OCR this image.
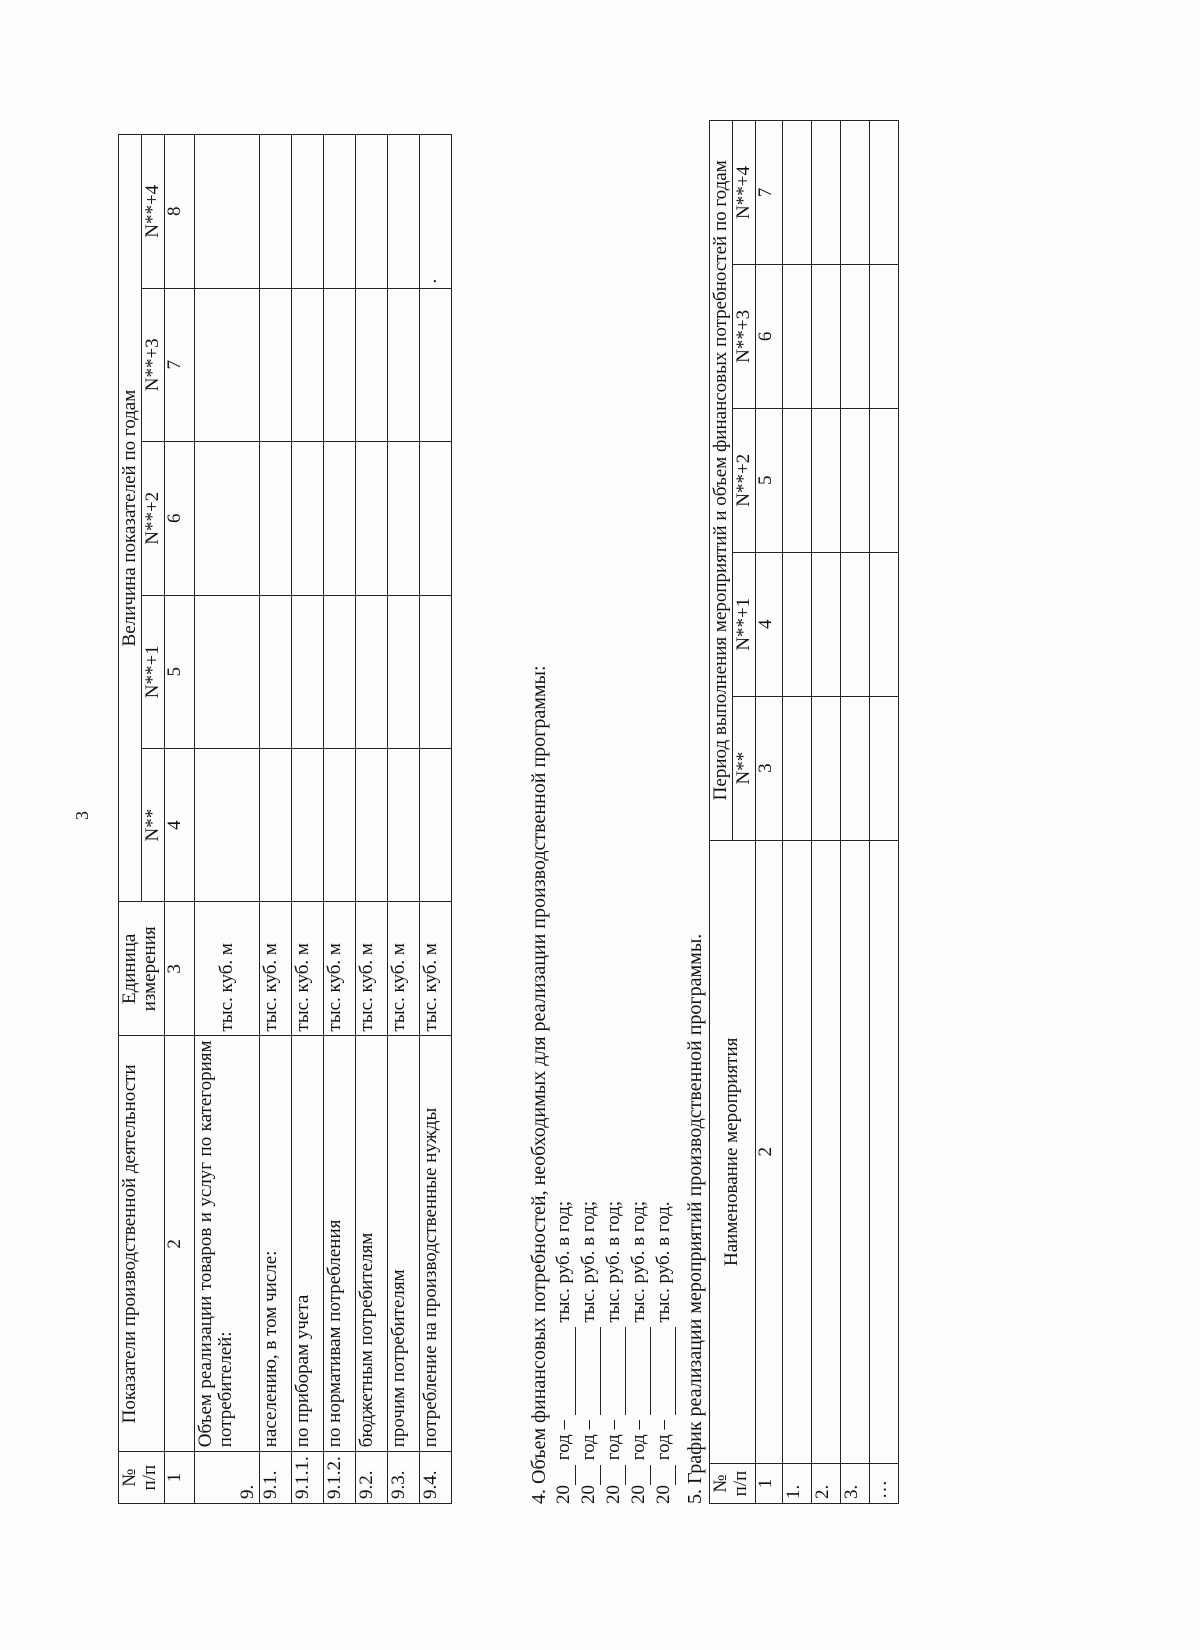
3
№
п/п	Показатели производственной деятельности	Единица измерения	Величина показателей по годам				
			N**	N**+1	N**+2	N**+3	N**+4
1	2	3	4	5	6	7	8
9.	Объем реализации товаров и услуг по категориям потребителей:	тыс. куб. м					
9.1.	населению, в том числе:	тыс. куб. м					
9.1.1.	по приборам учета	тыс. куб. м					
9.1.2.	по нормативам потребления	тыс. куб. м					
9.2.	бюджетным потребителям	тыс. куб. м					
9.3.	прочим потребителям	тыс. куб. м					
9.4.	потребление на производственные нужды	тыс. куб. м					.

4. Объем финансовых потребностей, необходимых для реализации производственной программы: 20 год –  тыс. руб. в год;
20 год –  тыс. руб. в год;
20 год –  тыс. руб. в год;
20 год –  тыс. руб. в год;
20 год –  тыс. руб. в год. 5. График реализации мероприятий производственной программы. №
п/п	Наименование мероприятия	Период выполнения мероприятий и объем финансовых потребностей по годам				
		N**	N**+1	N**+2	N**+3	N**+4
1	2	3	4	5	6	7
1.						
2.						
3.						
…						
